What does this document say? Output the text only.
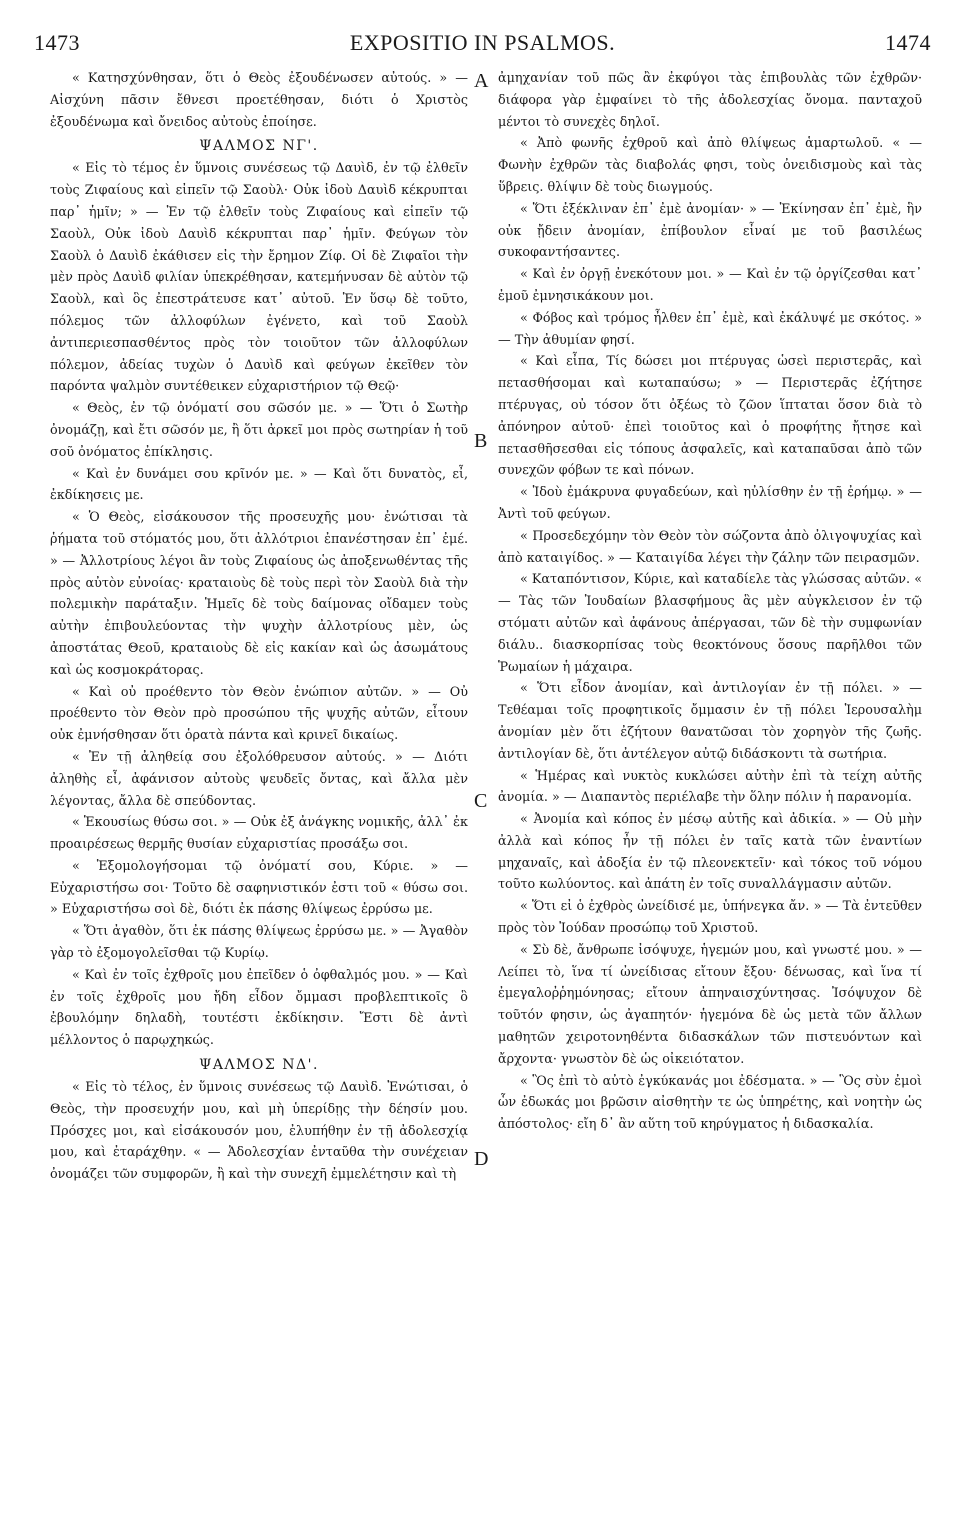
1473	EXPOSITIO IN PSALMOS.	1474
A
B
C
D

« Κατησχύνθησαν, ὅτι ὁ Θεὸς ἐξουδένωσεν αὐτούς. » — Αἰσχύνη πᾶσιν ἔθνεσι προετέθησαν, διότι ὁ Χριστὸς ἐξουδένωμα καὶ ὄνειδος αὐτοὺς ἐποίησε.

ΨΑΛΜΟΣ ΝΓ'.

« Εἰς τὸ τέμος ἐν ὕμνοις συνέσεως τῷ Δαυὶδ, ἐν τῷ ἐλθεῖν τοὺς Ζιφαίους καὶ εἰπεῖν τῷ Σαοὺλ· Οὐκ ἰδοὺ Δαυὶδ κέκρυπται παρ᾽ ἡμῖν; » — Ἐν τῷ ἐλθεῖν τοὺς Ζιφαίους καὶ εἰπεῖν τῷ Σαοὺλ, Οὐκ ἰδοὺ Δαυὶδ κέκρυπται παρ᾽ ἡμῖν. Φεύγων τὸν Σαοὺλ ὁ Δαυὶδ ἐκάθισεν εἰς τὴν ἔρημον Ζίφ. Οἱ δὲ Ζιφαῖοι τὴν μὲν πρὸς Δαυὶδ φιλίαν ὑπεκρέθησαν, κατεμήνυσαν δὲ αὐτὸν τῷ Σαοὺλ, καὶ ὃς ἐπεστράτευσε κατ᾽ αὐτοῦ. Ἐν ὕσῳ δὲ τοῦτο, πόλεμος τῶν ἀλλοφύλων ἐγένετο, καὶ τοῦ Σαοὺλ ἀντιπεριεσπασθέντος πρὸς τὸν τοιοῦτον τῶν ἀλλοφύλων πόλεμον, ἀδείας τυχὼν ὁ Δαυὶδ καὶ φεύγων ἐκεῖθεν τὸν παρόντα ψαλμὸν συντέθεικεν εὐχαριστήριον τῷ Θεῷ·

« Θεὸς, ἐν τῷ ὀνόματί σου σῶσόν με. » — Ὅτι ὁ Σωτὴρ ὀνομάζῃ, καὶ ἔτι σῶσόν με, ἢ ὅτι ἀρκεῖ μοι πρὸς σωτηρίαν ἡ τοῦ σοῦ ὀνόματος ἐπίκλησις.

« Καὶ ἐν δυνάμει σου κρῖνόν με. » — Καὶ ὅτι δυνατὸς, εἶ, ἐκδίκησεις με.

« Ὁ Θεὸς, εἰσάκουσον τῆς προσευχῆς μου· ἐνώτισαι τὰ ῥήματα τοῦ στόματός μου, ὅτι ἀλλότριοι ἐπανέστησαν ἐπ᾽ ἐμέ. » — Ἀλλοτρίους λέγοι ἂν τοὺς Ζιφαίους ὡς ἀποξενωθέντας τῆς πρὸς αὐτὸν εὐνοίας· κραταιοὺς δὲ τοὺς περὶ τὸν Σαοὺλ διὰ τὴν πολεμικὴν παράταξιν. Ἡμεῖς δὲ τοὺς δαίμονας οἴδαμεν τοὺς αὐτὴν ἐπιβουλεύοντας τὴν ψυχὴν ἀλλοτρίους μὲν, ὡς ἀποστάτας Θεοῦ, κραταιοὺς δὲ εἰς κακίαν καὶ ὡς ἀσωμάτους καὶ ὡς κοσμοκράτορας.

« Καὶ οὐ προέθεντο τὸν Θεὸν ἐνώπιον αὐτῶν. » — Οὐ προέθεντο τὸν Θεὸν πρὸ προσώπου τῆς ψυχῆς αὐτῶν, εἶτουν οὐκ ἐμνήσθησαν ὅτι ὁρατὰ πάντα καὶ κρινεῖ δικαίως.

« Ἐν τῇ ἀληθείᾳ σου ἐξολόθρευσον αὐτούς. » — Διότι ἀληθὴς εἶ, ἀφάνισον αὐτοὺς ψευδεῖς ὄντας, καὶ ἄλλα μὲν λέγοντας, ἄλλα δὲ σπεύδοντας.

« Ἑκουσίως θύσω σοι. » — Οὐκ ἐξ ἀνάγκης νομικῆς, ἀλλ᾽ ἐκ προαιρέσεως θερμῆς θυσίαν εὐχαριστίας προσάξω σοι.

« Ἐξομολογήσομαι τῷ ὀνόματί σου, Κύριε. » — Εὐχαριστήσω σοι· Τοῦτο δὲ σαφηνιστικόν ἐστι τοῦ « θύσω σοι. » Εὐχαριστήσω σοὶ δὲ, διότι ἐκ πάσης θλίψεως ἐρρύσω με.

« Ὅτι ἀγαθὸν, ὅτι ἐκ πάσης θλίψεως ἐρρύσω με. » — Ἀγαθὸν γὰρ τὸ ἐξομογολεῖσθαι τῷ Κυρίῳ.

« Καὶ ἐν τοῖς ἐχθροῖς μου ἐπεῖδεν ὁ ὀφθαλμός μου. » — Καὶ ἐν τοῖς ἐχθροῖς μου ἤδη εἶδον ὄμμασι προβλεπτικοῖς ὃ ἐβουλόμην δηλαδὴ, τουτέστι ἐκδίκησιν. Ἔστι δὲ ἀντὶ μέλλοντος ὁ παρῳχηκώς.

ΨΑΛΜΟΣ ΝΔ'.

« Εἰς τὸ τέλος, ἐν ὕμνοις συνέσεως τῷ Δαυὶδ. Ἐνώτισαι, ὁ Θεὸς, τὴν προσευχήν μου, καὶ μὴ ὑπερίδῃς τὴν δέησίν μου. Πρόσχες μοι, καὶ εἰσάκουσόν μου, ἐλυπήθην ἐν τῇ ἀδολεσχίᾳ μου, καὶ ἐταράχθην. « — Ἀδολεσχίαν ἐνταῦθα τὴν συνέχειαν ὀνομάζει τῶν συμφορῶν, ἢ καὶ τὴν συνεχῆ ἐμμελέτησιν καὶ τὴ

ἀμηχανίαν τοῦ πῶς ἂν ἐκφύγοι τὰς ἐπιβουλὰς τῶν ἐχθρῶν· διάφορα γὰρ ἐμφαίνει τὸ τῆς ἀδολεσχίας ὄνομα. πανταχοῦ μέντοι τὸ συνεχὲς δηλοῖ.

« Ἀπὸ φωνῆς ἐχθροῦ καὶ ἀπὸ θλίψεως ἁμαρτωλοῦ. « — Φωνὴν ἐχθρῶν τὰς διαβολάς φησι, τοὺς ὀνειδισμοὺς καὶ τὰς ὕβρεις. θλίψιν δὲ τοὺς διωγμούς.

« Ὅτι ἐξέκλιναν ἐπ᾽ ἐμὲ ἀνομίαν· » — Ἐκίνησαν ἐπ᾽ ἐμὲ, ἣν οὐκ ᾔδειν ἀνομίαν, ἐπίβουλον εἶναί με τοῦ βασιλέως συκοφαντήσαντες.

« Καὶ ἐν ὀργῇ ἐνεκότουν μοι. » — Καὶ ἐν τῷ ὀργίζεσθαι κατ᾽ ἐμοῦ ἐμνησικάκουν μοι.

« Φόβος καὶ τρόμος ἦλθεν ἐπ᾽ ἐμὲ, καὶ ἐκάλυψέ με σκότος. » — Τὴν ἀθυμίαν φησί.

« Καὶ εἶπα, Τίς δώσει μοι πτέρυγας ὡσεὶ περιστερᾶς, καὶ πετασθήσομαι καὶ κωταπαύσω; » — Περιστερᾶς ἐζήτησε πτέρυγας, οὐ τόσον ὅτι ὀξέως τὸ ζῶον ἵπταται ὅσον διὰ τὸ ἀπόνηρον αὐτοῦ· ἐπεὶ τοιοῦτος καὶ ὁ προφήτης ἤτησε καὶ πετασθῆσεσθαι εἰς τόπους ἀσφαλεῖς, καὶ καταπαῦσαι ἀπὸ τῶν συνεχῶν φόβων τε καὶ πόνων.

« Ἰδοὺ ἐμάκρυνα φυγαδεύων, καὶ ηὐλίσθην ἐν τῇ ἐρήμῳ. » — Ἀντὶ τοῦ φεύγων.

« Προσεδεχόμην τὸν Θεὸν τὸν σώζοντα ἀπὸ ὀλιγοψυχίας καὶ ἀπὸ καταιγίδος. » — Καταιγίδα λέγει τὴν ζάλην τῶν πειρασμῶν.

« Καταπόντισον, Κύριε, καὶ καταδίελε τὰς γλώσσας αὐτῶν. « — Τὰς τῶν Ἰουδαίων βλασφήμους ἃς μὲν αὐγκλεισον ἐν τῷ στόματι αὐτῶν καὶ ἀφάνους ἀπέργασαι, τῶν δὲ τὴν συμφωνίαν διάλυ.. διασκορπίσας τοὺς θεοκτόνους ὅσους παρῆλθοι τῶν Ῥωμαίων ἡ μάχαιρα.

« Ὅτι εἶδον ἀνομίαν, καὶ ἀντιλογίαν ἐν τῇ πόλει. » — Τεθέαμαι τοῖς προφητικοῖς ὄμμασιν ἐν τῇ πόλει Ἱερουσαλὴμ ἀνομίαν μὲν ὅτι ἐζήτουν θανατῶσαι τὸν χορηγὸν τῆς ζωῆς. ἀντιλογίαν δὲ, ὅτι ἀντέλεγον αὐτῷ διδάσκοντι τὰ σωτήρια.

« Ἡμέρας καὶ νυκτὸς κυκλώσει αὐτὴν ἐπὶ τὰ τείχη αὐτῆς ἀνομία. » — Διαπαντὸς περιέλαβε τὴν ὅλην πόλιν ἡ παρανομία.

« Ἀνομία καὶ κόπος ἐν μέσῳ αὐτῆς καὶ ἀδικία. » — Οὐ μὴν ἀλλὰ καὶ κόπος ἦν τῇ πόλει ἐν ταῖς κατὰ τῶν ἐναντίων μηχαναῖς, καὶ ἀδοξία ἐν τῷ πλεονεκτεῖν· καὶ τόκος τοῦ νόμου τοῦτο κωλύοντος. καὶ ἀπάτη ἐν τοῖς συναλλάγμασιν αὐτῶν.

« Ὅτι εἰ ὁ ἐχθρὸς ὠνείδισέ με, ὑπήνεγκα ἄν. » — Τὰ ἐντεῦθεν πρὸς τὸν Ἰούδαν προσώπῳ τοῦ Χριστοῦ.

« Σὺ δὲ, ἄνθρωπε ἰσόψυχε, ἡγεμών μου, καὶ γνωστέ μου. » — Λείπει τὸ, ἵνα τί ὠνείδισας εἴτουν ἔξου· δένωσας, καὶ ἵνα τί ἐμεγαλοῤῥημόνησας; εἴτουν ἀπηναισχύντησας. Ἰσόψυχον δὲ τοῦτόν φησιν, ὡς ἀγαπητόν· ἡγεμόνα δὲ ὡς μετὰ τῶν ἄλλων μαθητῶν χειροτονηθέντα διδασκάλων τῶν πιστευόντων καὶ ἄρχοντα· γνωστὸν δὲ ὡς οἰκειότατον.

« Ὃς ἐπὶ τὸ αὐτὸ ἐγκύκανάς μοι ἐδέσματα. » — Ὃς σὺν ἐμοὶ ὧν ἐδωκάς μοι βρῶσιν αἰσθητὴν τε ὡς ὑπηρέτης, καὶ νοητὴν ὡς ἀπόστολος· εἴη δ᾽ ἂν αὕτη τοῦ κηρύγματος ἡ διδασκαλία.
